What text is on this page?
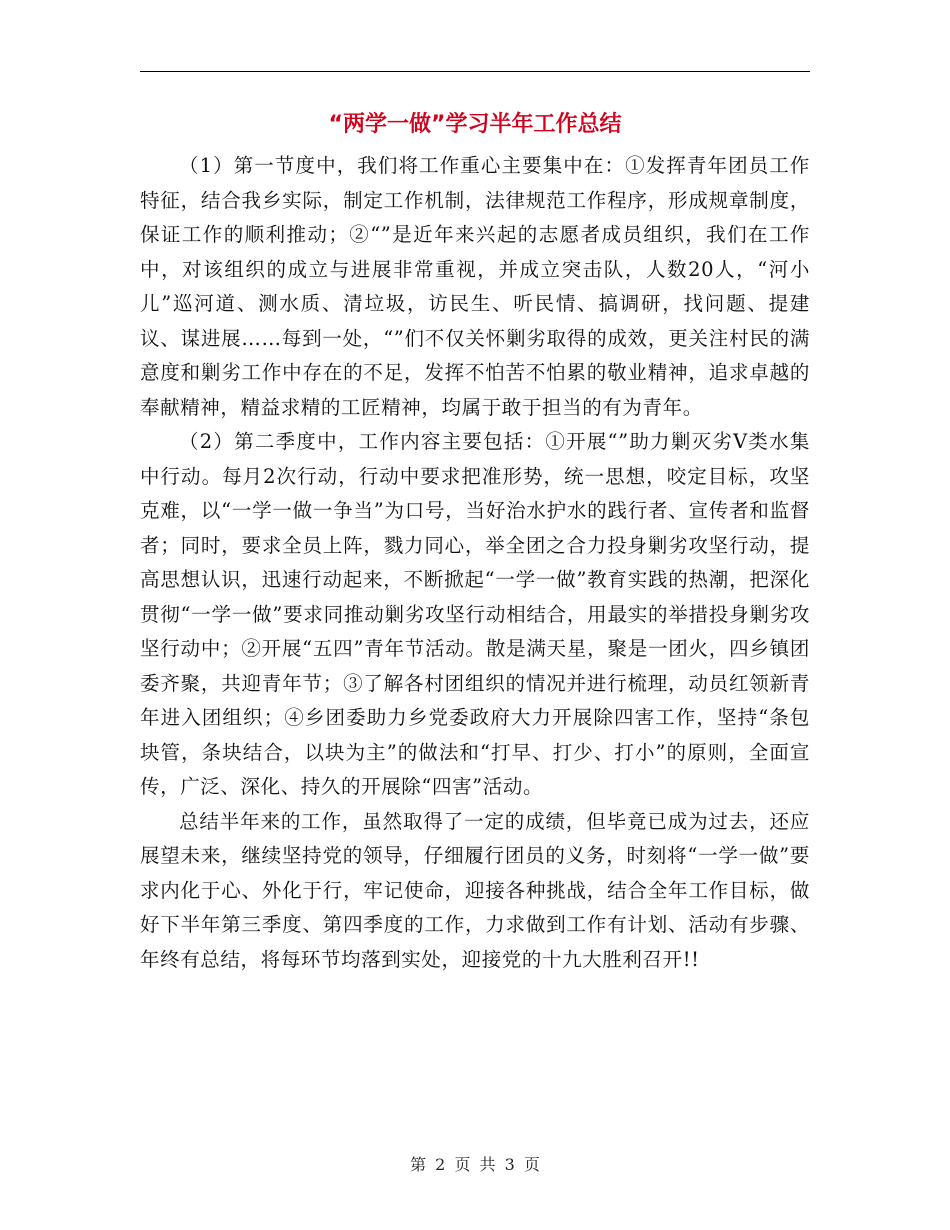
“两学一做”学习半年工作总结

（1）第一节度中，我们将工作重心主要集中在：①发挥青年团员工作特征，结合我乡实际，制定工作机制，法律规范工作程序，形成规章制度，保证工作的顺利推动；②“”是近年来兴起的志愿者成员组织，我们在工作中，对该组织的成立与进展非常重视，并成立突击队，人数20人，“河小儿”巡河道、测水质、清垃圾，访民生、听民情、搞调研，找问题、提建议、谋进展……每到一处，“”们不仅关怀剿劣取得的成效，更关注村民的满意度和剿劣工作中存在的不足，发挥不怕苦不怕累的敬业精神，追求卓越的奉献精神，精益求精的工匠精神，均属于敢于担当的有为青年。

（2）第二季度中，工作内容主要包括：①开展“”助力剿灭劣V类水集中行动。每月2次行动，行动中要求把准形势，统一思想，咬定目标，攻坚克难，以“一学一做一争当”为口号，当好治水护水的践行者、宣传者和监督者；同时，要求全员上阵，戮力同心，举全团之合力投身剿劣攻坚行动，提高思想认识，迅速行动起来，不断掀起“一学一做”教育实践的热潮，把深化贯彻“一学一做”要求同推动剿劣攻坚行动相结合，用最实的举措投身剿劣攻坚行动中；②开展“五四”青年节活动。散是满天星，聚是一团火，四乡镇团委齐聚，共迎青年节；③了解各村团组织的情况并进行梳理，动员红领新青年进入团组织；④乡团委助力乡党委政府大力开展除四害工作，坚持“条包块管，条块结合，以块为主”的做法和“打早、打少、打小”的原则，全面宣传，广泛、深化、持久的开展除“四害”活动。

总结半年来的工作，虽然取得了一定的成绩，但毕竟已成为过去，还应展望未来，继续坚持党的领导，仔细履行团员的义务，时刻将“一学一做”要求内化于心、外化于行，牢记使命，迎接各种挑战，结合全年工作目标，做好下半年第三季度、第四季度的工作，力求做到工作有计划、活动有步骤、年终有总结，将每环节均落到实处，迎接党的十九大胜利召开!!

第 2 页 共 3 页
